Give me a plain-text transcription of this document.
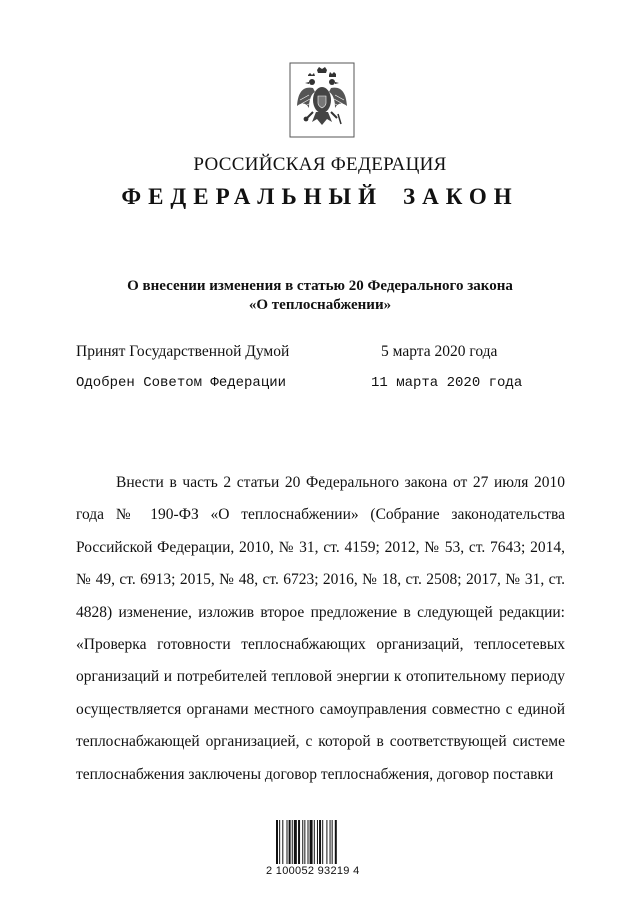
РОССИЙСКАЯ ФЕДЕРАЦИЯ
ФЕДЕРАЛЬНЫЙ ЗАКОН
О внесении изменения в статью 20 Федерального закона
«О теплоснабжении»
Принят Государственной Думой	5 марта 2020 года
Одобрен Советом Федерации	11 марта 2020 года

Внести в часть 2 статьи 20 Федерального закона от 27 июля 2010 года № 190-ФЗ «О теплоснабжении» (Собрание законодательства Российской Федерации, 2010, № 31, ст. 4159; 2012, № 53, ст. 7643; 2014, № 49, ст. 6913; 2015, № 48, ст. 6723; 2016, № 18, ст. 2508; 2017, № 31, ст. 4828) изменение, изложив второе предложение в следующей редакции: «Проверка готовности теплоснабжающих организаций, теплосетевых организаций и потребителей тепловой энергии к отопительному периоду осуществляется органами местного самоуправления совместно с единой теплоснабжающей организацией, с которой в соответствующей системе теплоснабжения заключены договор теплоснабжения, договор поставки

2 100052 93219 4
